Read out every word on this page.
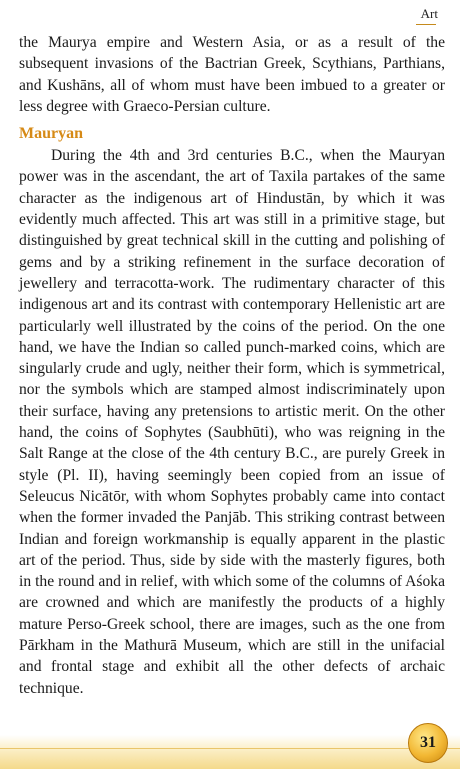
Art

the Maurya empire and Western Asia, or as a result of the subsequent invasions of the Bactrian Greek, Scythians, Parthians, and Kushāns, all of whom must have been imbued to a greater or less degree with Graeco-Persian culture.

Mauryan

During the 4th and 3rd centuries B.C., when the Mauryan power was in the ascendant, the art of Taxila partakes of the same character as the indigenous art of Hindustān, by which it was evidently much affected. This art was still in a primitive stage, but distinguished by great technical skill in the cutting and polishing of gems and by a striking refinement in the surface decoration of jewellery and terracotta-work. The rudimentary character of this indigenous art and its contrast with contemporary Hellenistic art are particularly well illustrated by the coins of the period. On the one hand, we have the Indian so called punch-marked coins, which are singularly crude and ugly, neither their form, which is symmetrical, nor the symbols which are stamped almost indiscriminately upon their surface, having any pretensions to artistic merit. On the other hand, the coins of Sophytes (Saubhūti), who was reigning in the Salt Range at the close of the 4th century B.C., are purely Greek in style (Pl. II), having seemingly been copied from an issue of Seleucus Nicātōr, with whom Sophytes probably came into contact when the former invaded the Panjāb. This striking contrast between Indian and foreign workmanship is equally apparent in the plastic art of the period. Thus, side by side with the masterly figures, both in the round and in relief, with which some of the columns of Aśoka are crowned and which are manifestly the products of a highly mature Perso-Greek school, there are images, such as the one from Pārkham in the Mathurā Museum, which are still in the unifacial and frontal stage and exhibit all the other defects of archaic technique.

31
